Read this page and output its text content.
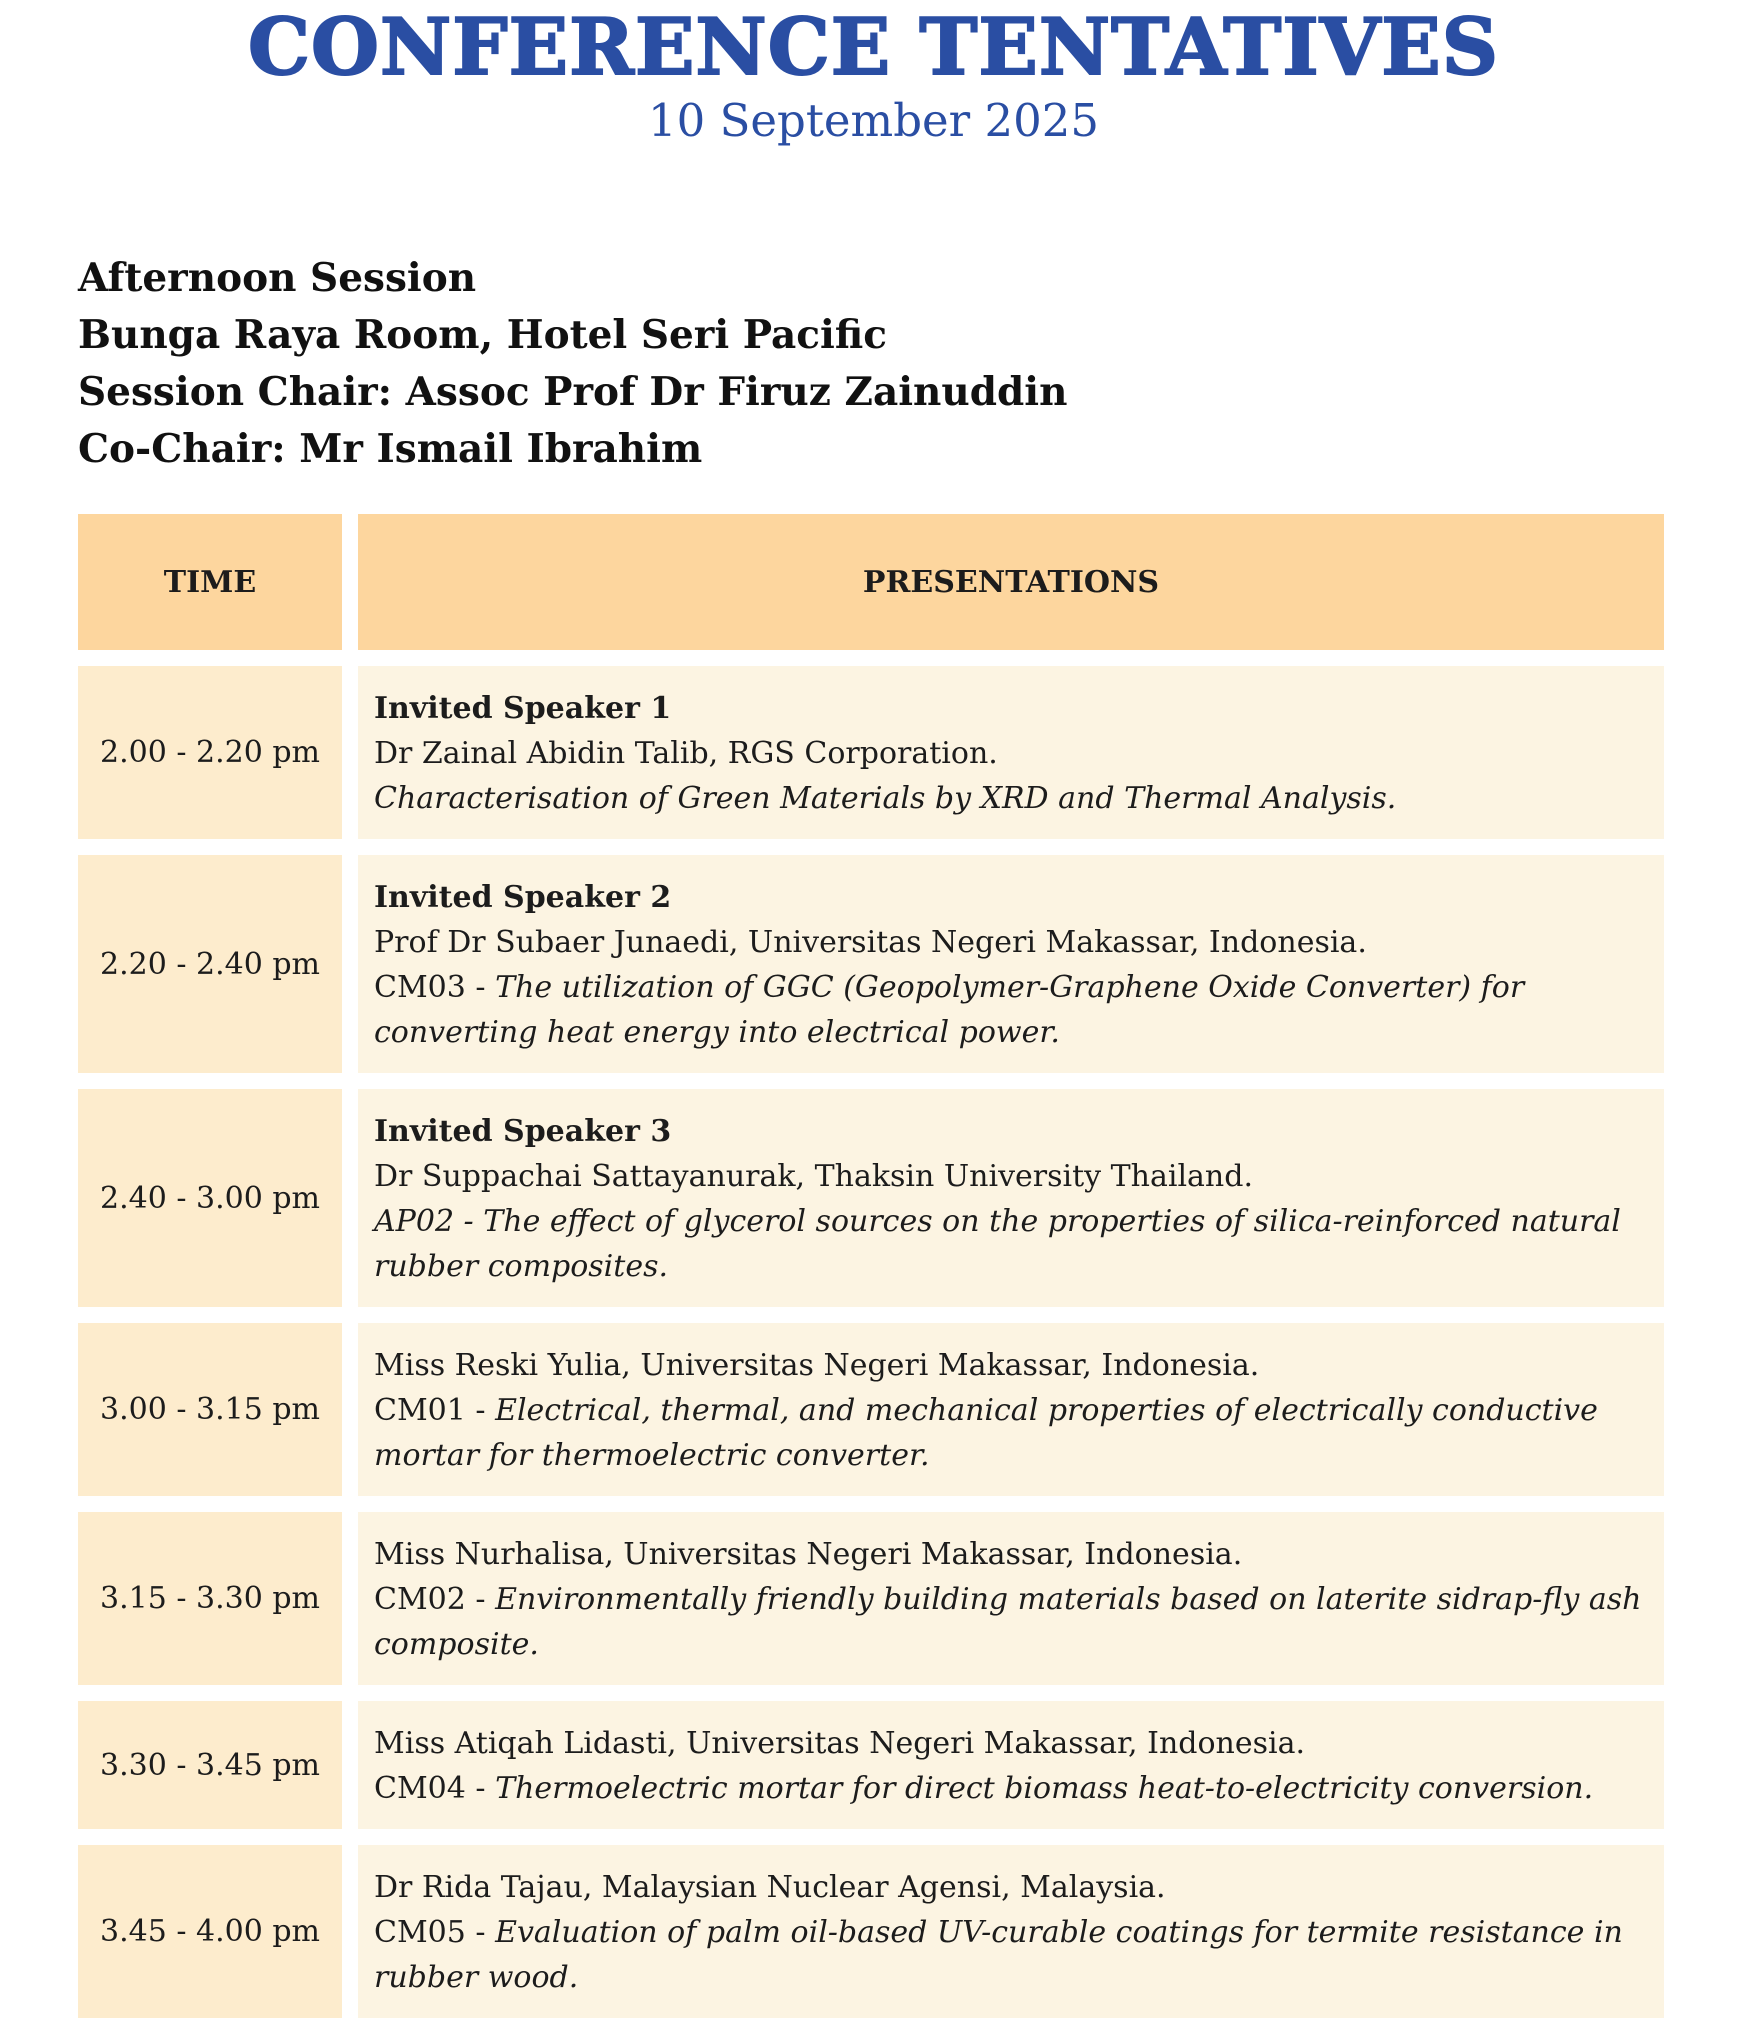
CONFERENCE TENTATIVES
10 September 2025
Afternoon Session
Bunga Raya Room, Hotel Seri Pacific
Session Chair: Assoc Prof Dr Firuz Zainuddin
Co-Chair: Mr Ismail Ibrahim
TIME	PRESENTATIONS
2.00 - 2.20 pm
Invited Speaker 1
Dr Zainal Abidin Talib, RGS Corporation.
Characterisation of Green Materials by XRD and Thermal Analysis.
2.20 - 2.40 pm
Invited Speaker 2
Prof Dr Subaer Junaedi, Universitas Negeri Makassar, Indonesia.
CM03 - The utilization of GGC (Geopolymer-Graphene Oxide Converter) for converting heat energy into electrical power.
2.40 - 3.00 pm
Invited Speaker 3
Dr Suppachai Sattayanurak, Thaksin University Thailand.
AP02 - The effect of glycerol sources on the properties of silica-reinforced natural rubber composites.
3.00 - 3.15 pm
Miss Reski Yulia, Universitas Negeri Makassar, Indonesia.
CM01 - Electrical, thermal, and mechanical properties of electrically conductive mortar for thermoelectric converter.
3.15 - 3.30 pm
Miss Nurhalisa, Universitas Negeri Makassar, Indonesia.
CM02 - Environmentally friendly building materials based on laterite sidrap-fly ash composite.
3.30 - 3.45 pm
Miss Atiqah Lidasti, Universitas Negeri Makassar, Indonesia.
CM04 - Thermoelectric mortar for direct biomass heat-to-electricity conversion.
3.45 - 4.00 pm
Dr Rida Tajau, Malaysian Nuclear Agensi, Malaysia.
CM05 - Evaluation of palm oil-based UV-curable coatings for termite resistance in rubber wood.
